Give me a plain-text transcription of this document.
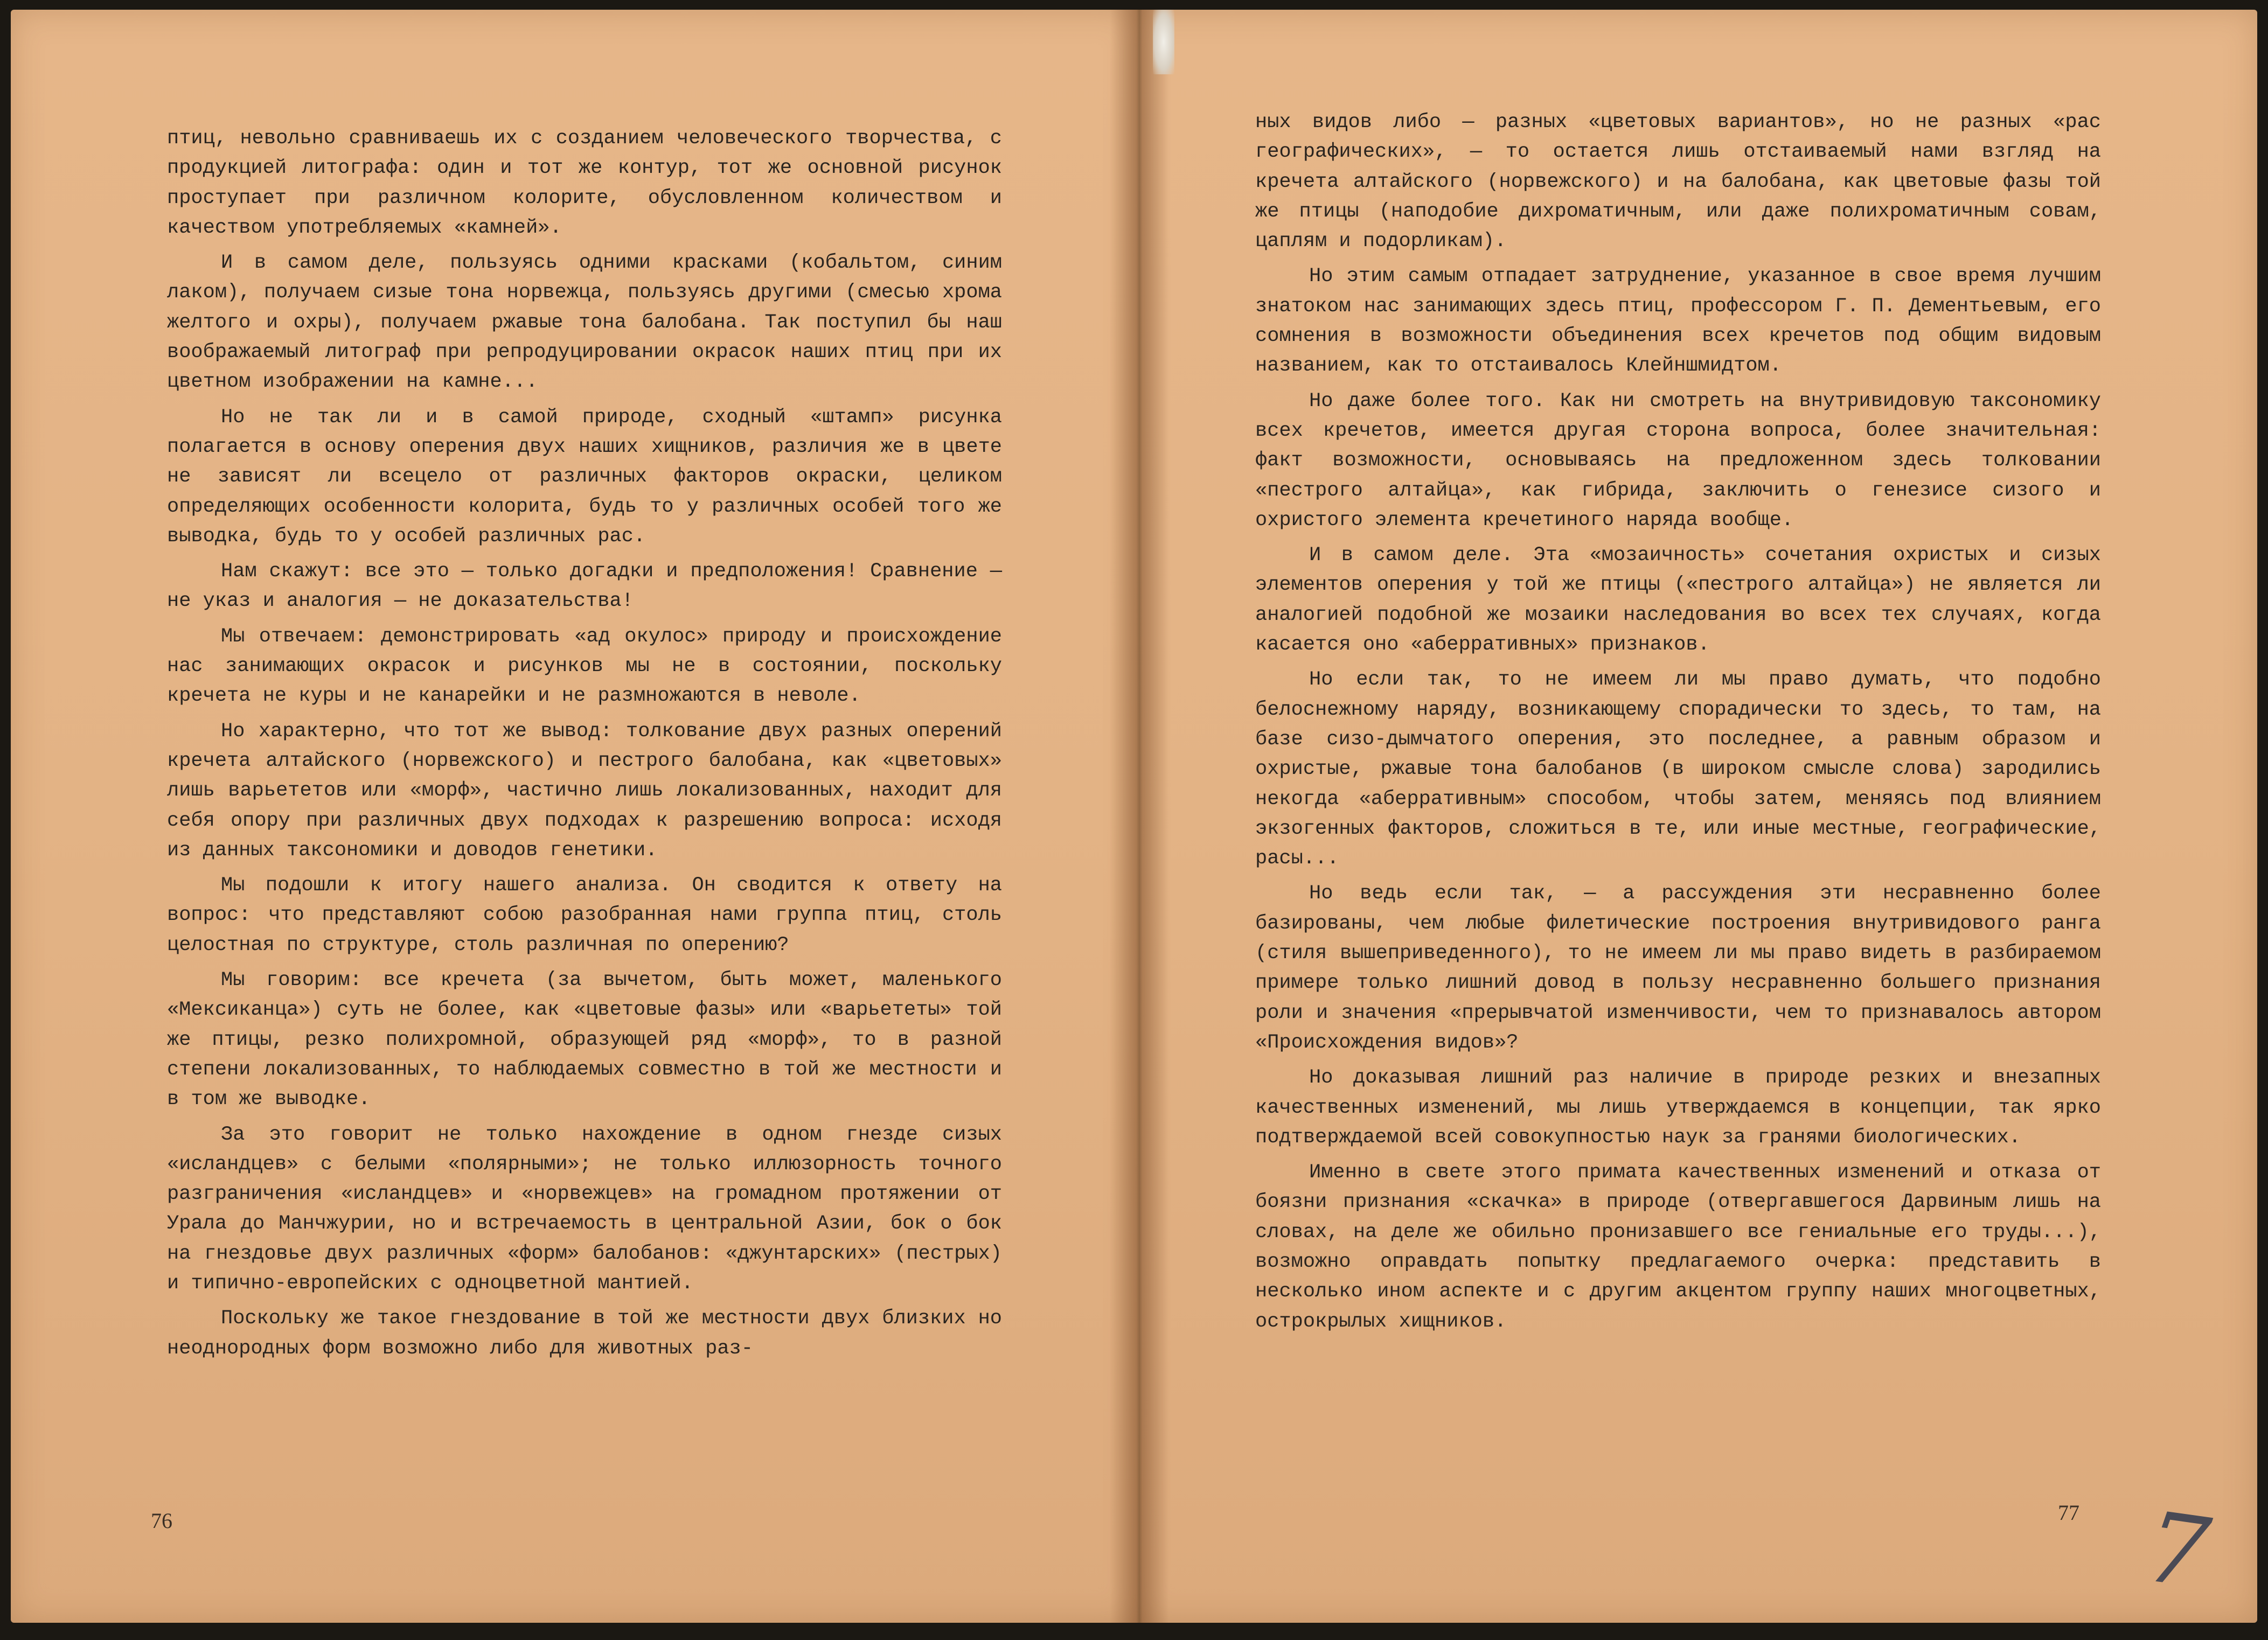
птиц, невольно сравниваешь их с созданием человеческого творчества, с продукцией литографа: один и тот же контур, тот же основной рисунок проступает при различном колорите, обусловленном количеством и качеством употребляемых «камней».

И в самом деле, пользуясь одними красками (кобальтом, синим лаком), получаем сизые тона норвежца, пользуясь другими (смесью хрома желтого и охры), получаем ржавые тона балобана. Так поступил бы наш воображаемый литограф при репродуцировании окрасок наших птиц при их цветном изображении на камне...

Но не так ли и в самой природе, сходный «штамп» рисунка полагается в основу оперения двух наших хищников, различия же в цвете не зависят ли всецело от различных факторов окраски, целиком определяющих особенности колорита, будь то у различных особей того же выводка, будь то у особей различных рас.

Нам скажут: все это — только догадки и предположения! Сравнение — не указ и аналогия — не доказательства!

Мы отвечаем: демонстрировать «ад окулос» природу и происхождение нас занимающих окрасок и рисунков мы не в состоянии, поскольку кречета не куры и не канарейки и не размножаются в неволе.

Но характерно, что тот же вывод: толкование двух разных оперений кречета алтайского (норвежского) и пестрого балобана, как «цветовых» лишь варьететов или «морф», частично лишь локализованных, находит для себя опору при различных двух подходах к разрешению вопроса: исходя из данных таксономики и доводов генетики.

Мы подошли к итогу нашего анализа. Он сводится к ответу на вопрос: что представляют собою разобранная нами группа птиц, столь целостная по структуре, столь различная по оперению?

Мы говорим: все кречета (за вычетом, быть может, маленького «Мексиканца») суть не более, как «цветовые фазы» или «варьететы» той же птицы, резко полихромной, образующей ряд «морф», то в разной степени локализованных, то наблюдаемых совместно в той же местности и в том же выводке.

За это говорит не только нахождение в одном гнезде сизых «исландцев» с белыми «полярными»; не только иллюзорность точного разграничения «исландцев» и «норвежцев» на громадном протяжении от Урала до Манчжурии, но и встречаемость в центральной Азии, бок о бок на гнездовье двух различных «форм» балобанов: «джунтарских» (пестрых) и типично-европейских с одноцветной мантией.

Поскольку же такое гнездование в той же местности двух близких но неоднородных форм возможно либо для животных раз-

ных видов либо — разных «цветовых вариантов», но не разных «рас географических», — то остается лишь отстаиваемый нами взгляд на кречета алтайского (норвежского) и на балобана, как цветовые фазы той же птицы (наподобие дихроматичным, или даже полихроматичным совам, цаплям и подорликам).

Но этим самым отпадает затруднение, указанное в свое время лучшим знатоком нас занимающих здесь птиц, профессором Г. П. Дементьевым, его сомнения в возможности объединения всех кречетов под общим видовым названием, как то отстаивалось Клейншмидтом.

Но даже более того. Как ни смотреть на внутривидовую таксономику всех кречетов, имеется другая сторона вопроса, более значительная: факт возможности, основываясь на предложенном здесь толковании «пестрого алтайца», как гибрида, заключить о генезисе сизого и охристого элемента кречетиного наряда вообще.

И в самом деле. Эта «мозаичность» сочетания охристых и сизых элементов оперения у той же птицы («пестрого алтайца») не является ли аналогией подобной же мозаики наследования во всех тех случаях, когда касается оно «аберративных» признаков.

Но если так, то не имеем ли мы право думать, что подобно белоснежному наряду, возникающему спорадически то здесь, то там, на базе сизо-дымчатого оперения, это последнее, а равным образом и охристые, ржавые тона балобанов (в широком смысле слова) зародились некогда «аберративным» способом, чтобы затем, меняясь под влиянием экзогенных факторов, сложиться в те, или иные местные, географические, расы...

Но ведь если так, — а рассуждения эти несравненно более базированы, чем любые филетические построения внутривидового ранга (стиля вышеприведенного), то не имеем ли мы право видеть в разбираемом примере только лишний довод в пользу несравненно большего признания роли и значения «прерывчатой изменчивости, чем то признавалось автором «Происхождения видов»?

Но доказывая лишний раз наличие в природе резких и внезапных качественных изменений, мы лишь утверждаемся в концепции, так ярко подтверждаемой всей совокупностью наук за гранями биологических.

Именно в свете этого примата качественных изменений и отказа от боязни признания «скачка» в природе (отвергавшегося Дарвиным лишь на словах, на деле же обильно пронизавшего все гениальные его труды...), возможно оправдать попытку предлагаемого очерка: представить в несколько ином аспекте и с другим акцентом группу наших многоцветных, острокрылых хищников.

76	77 7
